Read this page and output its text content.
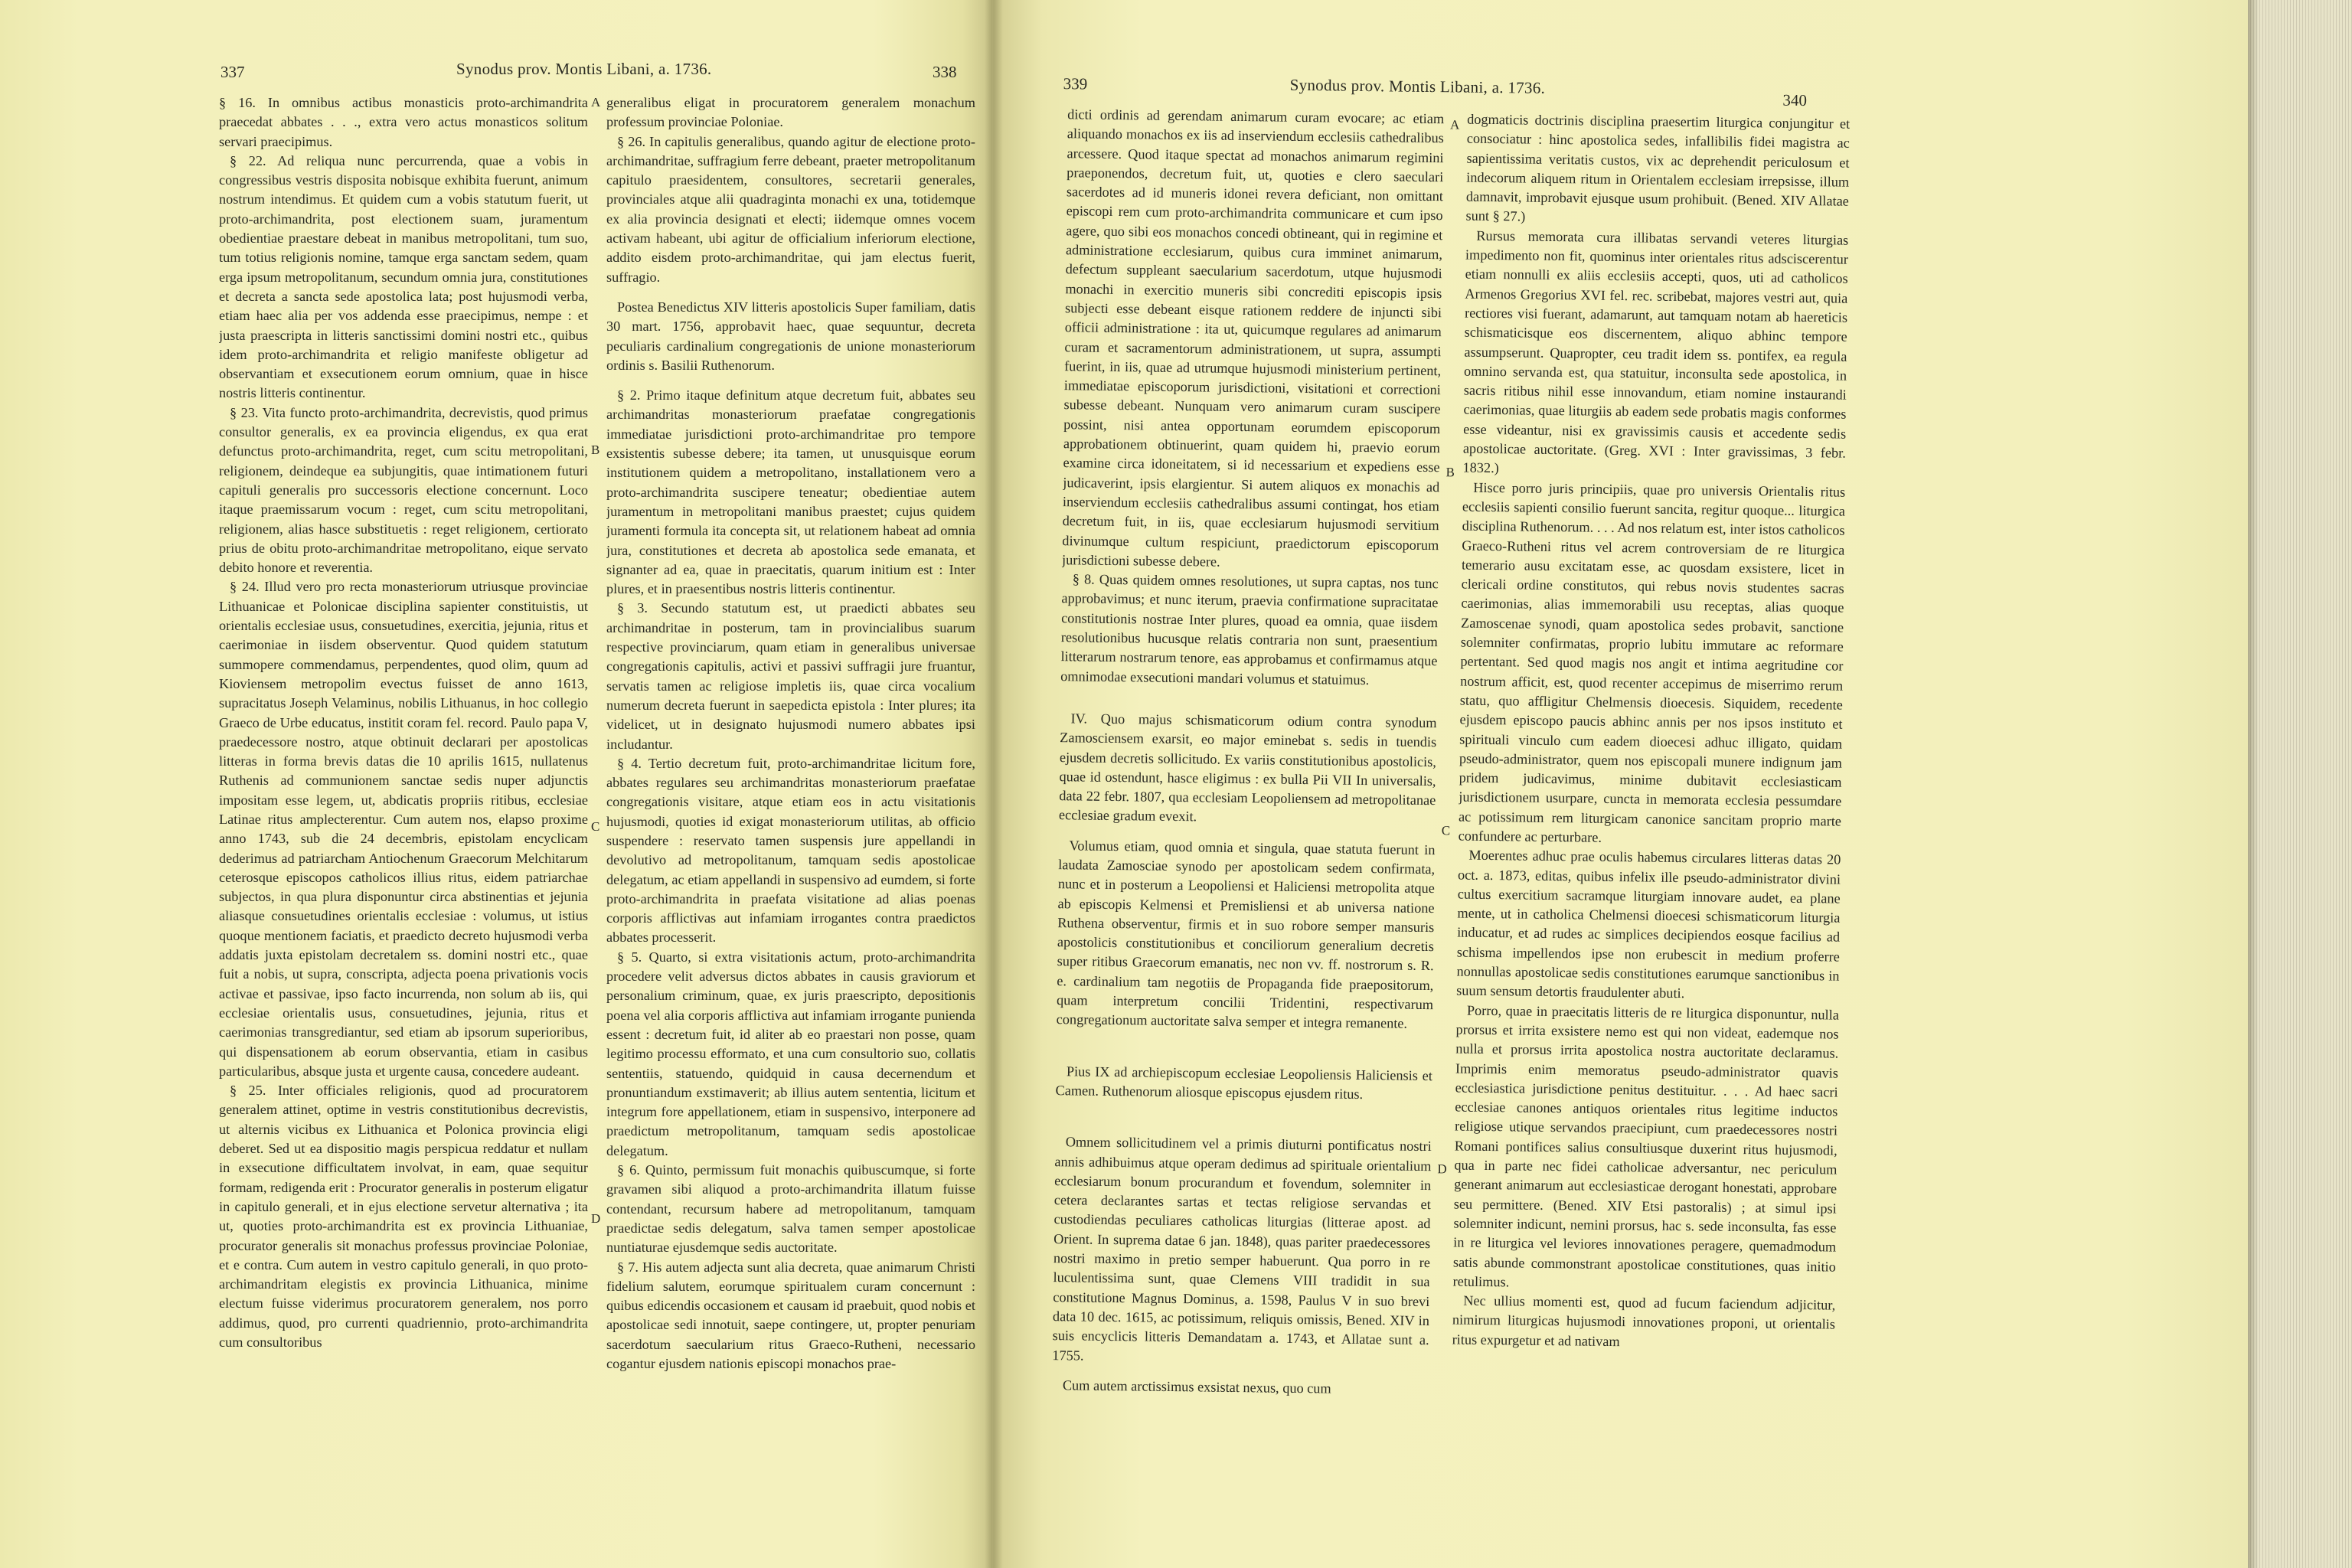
337	Synodus prov. Montis Libani, a. 1736.	338

§ 16. In omnibus actibus monasticis proto-archimandrita praecedat abbates . . ., extra vero actus monasticos solitum servari praecipimus.

§ 22. Ad reliqua nunc percurrenda, quae a vobis in congressibus vestris disposita nobisque exhibita fuerunt, animum nostrum intendimus. Et quidem cum a vobis statutum fuerit, ut proto-archimandrita, post electionem suam, juramentum obedientiae praestare debeat in manibus metropolitani, tum suo, tum totius religionis nomine, tamque erga sanctam sedem, quam erga ipsum metropolitanum, secundum omnia jura, constitutiones et decreta a sancta sede apostolica lata; post hujusmodi verba, etiam haec alia per vos addenda esse praecipimus, nempe : et justa praescripta in litteris sanctissimi domini nostri etc., quibus idem proto-archimandrita et religio manifeste obligetur ad observantiam et exsecutionem eorum omnium, quae in hisce nostris litteris continentur.

§ 23. Vita functo proto-archimandrita, decrevistis, quod primus consultor generalis, ex ea provincia eligendus, ex qua erat defunctus proto-archimandrita, reget, cum scitu metropolitani, religionem, deindeque ea subjungitis, quae intimationem futuri capituli generalis pro successoris electione concernunt. Loco itaque praemissarum vocum : reget, cum scitu metropolitani, religionem, alias hasce substituetis : reget religionem, certiorato prius de obitu proto-archimandritae metropolitano, eique servato debito honore et reverentia.

§ 24. Illud vero pro recta monasteriorum utriusque provinciae Lithuanicae et Polonicae disciplina sapienter constituistis, ut orientalis ecclesiae usus, consuetudines, exercitia, jejunia, ritus et caerimoniae in iisdem observentur. Quod quidem statutum summopere commendamus, perpendentes, quod olim, quum ad Kioviensem metropolim evectus fuisset de anno 1613, supracitatus Joseph Velaminus, nobilis Lithuanus, in hoc collegio Graeco de Urbe educatus, institit coram fel. record. Paulo papa V, praedecessore nostro, atque obtinuit declarari per apostolicas litteras in forma brevis datas die 10 aprilis 1615, nullatenus Ruthenis ad communionem sanctae sedis nuper adjunctis impositam esse legem, ut, abdicatis propriis ritibus, ecclesiae Latinae ritus amplecterentur. Cum autem nos, elapso proxime anno 1743, sub die 24 decembris, epistolam encyclicam dederimus ad patriarcham Antiochenum Graecorum Melchitarum ceterosque episcopos catholicos illius ritus, eidem patriarchae subjectos, in qua plura disponuntur circa abstinentias et jejunia aliasque consuetudines orientalis ecclesiae : volumus, ut istius quoque mentionem faciatis, et praedicto decreto hujusmodi verba addatis juxta epistolam decretalem ss. domini nostri etc., quae fuit a nobis, ut supra, conscripta, adjecta poena privationis vocis activae et passivae, ipso facto incurrenda, non solum ab iis, qui ecclesiae orientalis usus, consuetudines, jejunia, ritus et caerimonias transgrediantur, sed etiam ab ipsorum superioribus, qui dispensationem ab eorum observantia, etiam in casibus particularibus, absque justa et urgente causa, concedere audeant.

§ 25. Inter officiales religionis, quod ad procuratorem generalem attinet, optime in vestris constitutionibus decrevistis, ut alternis vicibus ex Lithuanica et Polonica provincia eligi deberet. Sed ut ea dispositio magis perspicua reddatur et nullam in exsecutione difficultatem involvat, in eam, quae sequitur formam, redigenda erit : Procurator generalis in posterum eligatur in capitulo generali, et in ejus electione servetur alternativa ; ita ut, quoties proto-archimandrita est ex provincia Lithuaniae, procurator generalis sit monachus professus provinciae Poloniae, et e contra. Cum autem in vestro capitulo generali, in quo proto-archimandritam elegistis ex provincia Lithuanica, minime electum fuisse viderimus procuratorem generalem, nos porro addimus, quod, pro currenti quadriennio, proto-archimandrita cum consultoribus

A
B
C
D

generalibus eligat in procuratorem generalem monachum professum provinciae Poloniae.

§ 26. In capitulis generalibus, quando agitur de electione proto-archimandritae, suffragium ferre debeant, praeter metropolitanum capitulo praesidentem, consultores, secretarii generales, provinciales atque alii quadraginta monachi ex una, totidemque ex alia provincia designati et electi; iidemque omnes vocem activam habeant, ubi agitur de officialium inferiorum electione, addito eisdem proto-archimandritae, qui jam electus fuerit, suffragio.

Postea Benedictus XIV litteris apostolicis Super familiam, datis 30 mart. 1756, approbavit haec, quae sequuntur, decreta peculiaris cardinalium congregationis de unione monasteriorum ordinis s. Basilii Ruthenorum.

§ 2. Primo itaque definitum atque decretum fuit, abbates seu archimandritas monasteriorum praefatae congregationis immediatae jurisdictioni proto-archimandritae pro tempore exsistentis subesse debere; ita tamen, ut unusquisque eorum institutionem quidem a metropolitano, installationem vero a proto-archimandrita suscipere teneatur; obedientiae autem juramentum in metropolitani manibus praestet; cujus quidem juramenti formula ita concepta sit, ut relationem habeat ad omnia jura, constitutiones et decreta ab apostolica sede emanata, et signanter ad ea, quae in praecitatis, quarum initium est : Inter plures, et in praesentibus nostris litteris continentur.

§ 3. Secundo statutum est, ut praedicti abbates seu archimandritae in posterum, tam in provincialibus suarum respective provinciarum, quam etiam in generalibus universae congregationis capitulis, activi et passivi suffragii jure fruantur, servatis tamen ac religiose impletis iis, quae circa vocalium numerum decreta fuerunt in saepedicta epistola : Inter plures; ita videlicet, ut in designato hujusmodi numero abbates ipsi includantur.

§ 4. Tertio decretum fuit, proto-archimandritae licitum fore, abbates regulares seu archimandritas monasteriorum praefatae congregationis visitare, atque etiam eos in actu visitationis hujusmodi, quoties id exigat monasteriorum utilitas, ab officio suspendere : reservato tamen suspensis jure appellandi in devolutivo ad metropolitanum, tamquam sedis apostolicae delegatum, ac etiam appellandi in suspensivo ad eumdem, si forte proto-archimandrita in praefata visitatione ad alias poenas corporis afflictivas aut infamiam irrogantes contra praedictos abbates processerit.

§ 5. Quarto, si extra visitationis actum, proto-archimandrita procedere velit adversus dictos abbates in causis graviorum et personalium criminum, quae, ex juris praescripto, depositionis poena vel alia corporis afflictiva aut infamiam irrogante punienda essent : decretum fuit, id aliter ab eo praestari non posse, quam legitimo processu efformato, et una cum consultorio suo, collatis sententiis, statuendo, quidquid in causa decernendum et pronuntiandum exstimaverit; ab illius autem sententia, licitum et integrum fore appellationem, etiam in suspensivo, interponere ad praedictum metropolitanum, tamquam sedis apostolicae delegatum.

§ 6. Quinto, permissum fuit monachis quibuscumque, si forte gravamen sibi aliquod a proto-archimandrita illatum fuisse contendant, recursum habere ad metropolitanum, tamquam praedictae sedis delegatum, salva tamen semper apostolicae nuntiaturae ejusdemque sedis auctoritate.

§ 7. His autem adjecta sunt alia decreta, quae animarum Christi fidelium salutem, eorumque spiritualem curam concernunt : quibus edicendis occasionem et causam id praebuit, quod nobis et apostolicae sedi innotuit, saepe contingere, ut, propter penuriam sacerdotum saecularium ritus Graeco-Rutheni, necessario cogantur ejusdem nationis episcopi monachos prae-

339	Synodus prov. Montis Libani, a. 1736.
340

dicti ordinis ad gerendam animarum curam evocare; ac etiam aliquando monachos ex iis ad inserviendum ecclesiis cathedralibus arcessere. Quod itaque spectat ad monachos animarum regimini praeponendos, decretum fuit, ut, quoties e clero saeculari sacerdotes ad id muneris idonei revera deficiant, non omittant episcopi rem cum proto-archimandrita communicare et cum ipso agere, quo sibi eos monachos concedi obtineant, qui in regimine et administratione ecclesiarum, quibus cura imminet animarum, defectum suppleant saecularium sacerdotum, utque hujusmodi monachi in exercitio muneris sibi concrediti episcopis ipsis subjecti esse debeant eisque rationem reddere de injuncti sibi officii administratione : ita ut, quicumque regulares ad animarum curam et sacramentorum administrationem, ut supra, assumpti fuerint, in iis, quae ad utrumque hujusmodi ministerium pertinent, immediatae episcoporum jurisdictioni, visitationi et correctioni subesse debeant. Nunquam vero animarum curam suscipere possint, nisi antea opportunam eorumdem episcoporum approbationem obtinuerint, quam quidem hi, praevio eorum examine circa idoneitatem, si id necessarium et expediens esse judicaverint, ipsis elargientur. Si autem aliquos ex monachis ad inserviendum ecclesiis cathedralibus assumi contingat, hos etiam decretum fuit, in iis, quae ecclesiarum hujusmodi servitium divinumque cultum respiciunt, praedictorum episcoporum jurisdictioni subesse debere.

§ 8. Quas quidem omnes resolutiones, ut supra captas, nos tunc approbavimus; et nunc iterum, praevia confirmatione supracitatae constitutionis nostrae Inter plures, quoad ea omnia, quae iisdem resolutionibus hucusque relatis contraria non sunt, praesentium litterarum nostrarum tenore, eas approbamus et confirmamus atque omnimodae exsecutioni mandari volumus et statuimus.

IV. Quo majus schismaticorum odium contra synodum Zamosciensem exarsit, eo major eminebat s. sedis in tuendis ejusdem decretis sollicitudo. Ex variis constitutionibus apostolicis, quae id ostendunt, hasce eligimus : ex bulla Pii VII In universalis, data 22 febr. 1807, qua ecclesiam Leopoliensem ad metropolitanae ecclesiae gradum evexit.

Volumus etiam, quod omnia et singula, quae statuta fuerunt in laudata Zamosciae synodo per apostolicam sedem confirmata, nunc et in posterum a Leopoliensi et Haliciensi metropolita atque ab episcopis Kelmensi et Premisliensi et ab universa natione Ruthena observentur, firmis et in suo robore semper mansuris apostolicis constitutionibus et conciliorum generalium decretis super ritibus Graecorum emanatis, nec non vv. ff. nostrorum s. R. e. cardinalium tam negotiis de Propaganda fide praepositorum, quam interpretum concilii Tridentini, respectivarum congregationum auctoritate salva semper et integra remanente.

Pius IX ad archiepiscopum ecclesiae Leopoliensis Haliciensis et Camen. Ruthenorum aliosque episcopus ejusdem ritus.

Omnem sollicitudinem vel a primis diuturni pontificatus nostri annis adhibuimus atque operam dedimus ad spirituale orientalium ecclesiarum bonum procurandum et fovendum, solemniter in cetera declarantes sartas et tectas religiose servandas et custodiendas peculiares catholicas liturgias (litterae apost. ad Orient. In suprema datae 6 jan. 1848), quas pariter praedecessores nostri maximo in pretio semper habuerunt. Qua porro in re luculentissima sunt, quae Clemens VIII tradidit in sua constitutione Magnus Dominus, a. 1598, Paulus V in suo brevi data 10 dec. 1615, ac potissimum, reliquis omissis, Bened. XIV in suis encyclicis litteris Demandatam a. 1743, et Allatae sunt a. 1755.

Cum autem arctissimus exsistat nexus, quo cum

A
B
C
D

dogmaticis doctrinis disciplina praesertim liturgica conjungitur et consociatur : hinc apostolica sedes, infallibilis fidei magistra ac sapientissima veritatis custos, vix ac deprehendit periculosum et indecorum aliquem ritum in Orientalem ecclesiam irrepsisse, illum damnavit, improbavit ejusque usum prohibuit. (Bened. XIV Allatae sunt § 27.)

Rursus memorata cura illibatas servandi veteres liturgias impedimento non fit, quominus inter orientales ritus adsciscerentur etiam nonnulli ex aliis ecclesiis accepti, quos, uti ad catholicos Armenos Gregorius XVI fel. rec. scribebat, majores vestri aut, quia rectiores visi fuerant, adamarunt, aut tamquam notam ab haereticis schismaticisque eos discernentem, aliquo abhinc tempore assumpserunt. Quapropter, ceu tradit idem ss. pontifex, ea regula omnino servanda est, qua statuitur, inconsulta sede apostolica, in sacris ritibus nihil esse innovandum, etiam nomine instaurandi caerimonias, quae liturgiis ab eadem sede probatis magis conformes esse videantur, nisi ex gravissimis causis et accedente sedis apostolicae auctoritate. (Greg. XVI : Inter gravissimas, 3 febr. 1832.)

Hisce porro juris principiis, quae pro universis Orientalis ritus ecclesiis sapienti consilio fuerunt sancita, regitur quoque... liturgica disciplina Ruthenorum. . . . Ad nos relatum est, inter istos catholicos Graeco-Rutheni ritus vel acrem controversiam de re liturgica temerario ausu excitatam esse, ac quosdam exsistere, licet in clericali ordine constitutos, qui rebus novis studentes sacras caerimonias, alias immemorabili usu receptas, alias quoque Zamoscenae synodi, quam apostolica sedes probavit, sanctione solemniter confirmatas, proprio lubitu immutare ac reformare pertentant. Sed quod magis nos angit et intima aegritudine cor nostrum afficit, est, quod recenter accepimus de miserrimo rerum statu, quo affligitur Chelmensis dioecesis. Siquidem, recedente ejusdem episcopo paucis abhinc annis per nos ipsos instituto et spirituali vinculo cum eadem dioecesi adhuc illigato, quidam pseudo-administrator, quem nos episcopali munere indignum jam pridem judicavimus, minime dubitavit ecclesiasticam jurisdictionem usurpare, cuncta in memorata ecclesia pessumdare ac potissimum rem liturgicam canonice sancitam proprio marte confundere ac perturbare.

Moerentes adhuc prae oculis habemus circulares litteras datas 20 oct. a. 1873, editas, quibus infelix ille pseudo-administrator divini cultus exercitium sacramque liturgiam innovare audet, ea plane mente, ut in catholica Chelmensi dioecesi schismaticorum liturgia inducatur, et ad rudes ac simplices decipiendos eosque facilius ad schisma impellendos ipse non erubescit in medium proferre nonnullas apostolicae sedis constitutiones earumque sanctionibus in suum sensum detortis fraudulenter abuti.

Porro, quae in praecitatis litteris de re liturgica disponuntur, nulla prorsus et irrita exsistere nemo est qui non videat, eademque nos nulla et prorsus irrita apostolica nostra auctoritate declaramus. Imprimis enim memoratus pseudo-administrator quavis ecclesiastica jurisdictione penitus destituitur. . . . Ad haec sacri ecclesiae canones antiquos orientales ritus legitime inductos religiose utique servandos praecipiunt, cum praedecessores nostri Romani pontifices salius consultiusque duxerint ritus hujusmodi, qua in parte nec fidei catholicae adversantur, nec periculum generant animarum aut ecclesiasticae derogant honestati, approbare seu permittere. (Bened. XIV Etsi pastoralis) ; at simul ipsi solemniter indicunt, nemini prorsus, hac s. sede inconsulta, fas esse in re liturgica vel leviores innovationes peragere, quemadmodum satis abunde commonstrant apostolicae constitutiones, quas initio retulimus.

Nec ullius momenti est, quod ad fucum faciendum adjicitur, nimirum liturgicas hujusmodi innovationes proponi, ut orientalis ritus expurgetur et ad nativam
